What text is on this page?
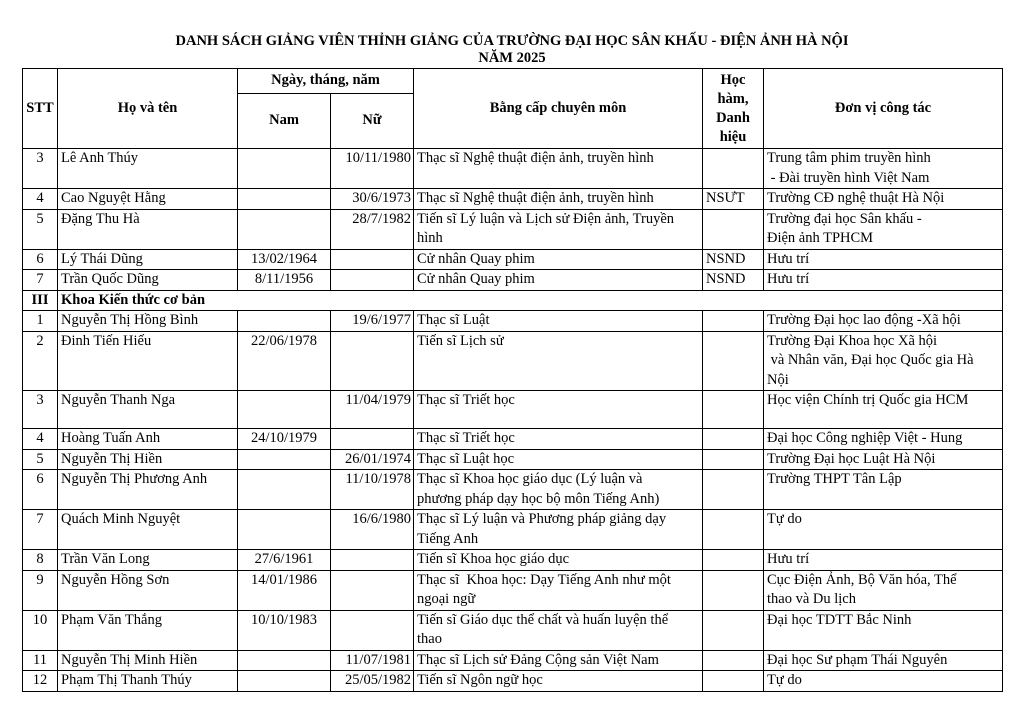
DANH SÁCH GIẢNG VIÊN THỈNH GIẢNG CỦA TRƯỜNG ĐẠI HỌC SÂN KHẤU - ĐIỆN ẢNH HÀ NỘI
NĂM 2025
STT	Họ và tên	Ngày, tháng, năm		Bằng cấp chuyên môn	Học
hàm,
Danh
hiệu	Đơn vị công tác
		Nam	Nữ			
3	Lê Anh Thúy		10/11/1980	Thạc sĩ Nghệ thuật điện ảnh, truyền hình		Trung tâm phim truyền hình
- Đài truyền hình Việt Nam
4	Cao Nguyệt Hằng		30/6/1973	Thạc sĩ Nghệ thuật điện ảnh, truyền hình	NSƯT	Trường CĐ nghệ thuật Hà Nội
5	Đặng Thu Hà		28/7/1982	Tiến sĩ Lý luận và Lịch sử Điện ảnh, Truyền
hình		Trường đại học Sân khấu -
Điện ảnh TPHCM
6	Lý Thái Dũng	13/02/1964		Cử nhân Quay phim	NSND	Hưu trí
7	Trần Quốc Dũng	8/11/1956		Cử nhân Quay phim	NSND	Hưu trí
III	Khoa Kiến thức cơ bản					
1	Nguyễn Thị Hồng Bình		19/6/1977	Thạc sĩ Luật		Trường Đại học lao động -Xã hội
2	Đinh Tiến Hiếu	22/06/1978		Tiến sĩ Lịch sử		Trường Đại Khoa học Xã hội
và Nhân văn, Đại học Quốc gia Hà
Nội
3	Nguyễn Thanh Nga		11/04/1979	Thạc sĩ Triết học		Học viện Chính trị Quốc gia HCM
4	Hoàng Tuấn Anh	24/10/1979		Thạc sĩ Triết học		Đại học Công nghiệp Việt - Hung
5	Nguyễn Thị Hiền		26/01/1974	Thạc sĩ Luật học		Trường Đại học Luật Hà Nội
6	Nguyễn Thị Phương Anh		11/10/1978	Thạc sĩ Khoa học giáo dục (Lý luận và
phương pháp dạy học bộ môn Tiếng Anh)		Trường THPT Tân Lập
7	Quách Minh Nguyệt		16/6/1980	Thạc sĩ Lý luận và Phương pháp giảng dạy
Tiếng Anh		Tự do
8	Trần Văn Long	27/6/1961		Tiến sĩ Khoa học giáo dục		Hưu trí
9	Nguyễn Hồng Sơn	14/01/1986		Thạc sĩ  Khoa học: Dạy Tiếng Anh như một
ngoại ngữ		Cục Điện Ảnh, Bộ Văn hóa, Thể
thao và Du lịch
10	Phạm Văn Thắng	10/10/1983		Tiến sĩ Giáo dục thể chất và huấn luyện thể
thao		Đại học TDTT Bắc Ninh
11	Nguyễn Thị Minh Hiền		11/07/1981	Thạc sĩ Lịch sử Đảng Cộng sản Việt Nam		Đại học Sư phạm Thái Nguyên
12	Phạm Thị Thanh Thúy		25/05/1982	Tiến sĩ Ngôn ngữ học		Tự do
